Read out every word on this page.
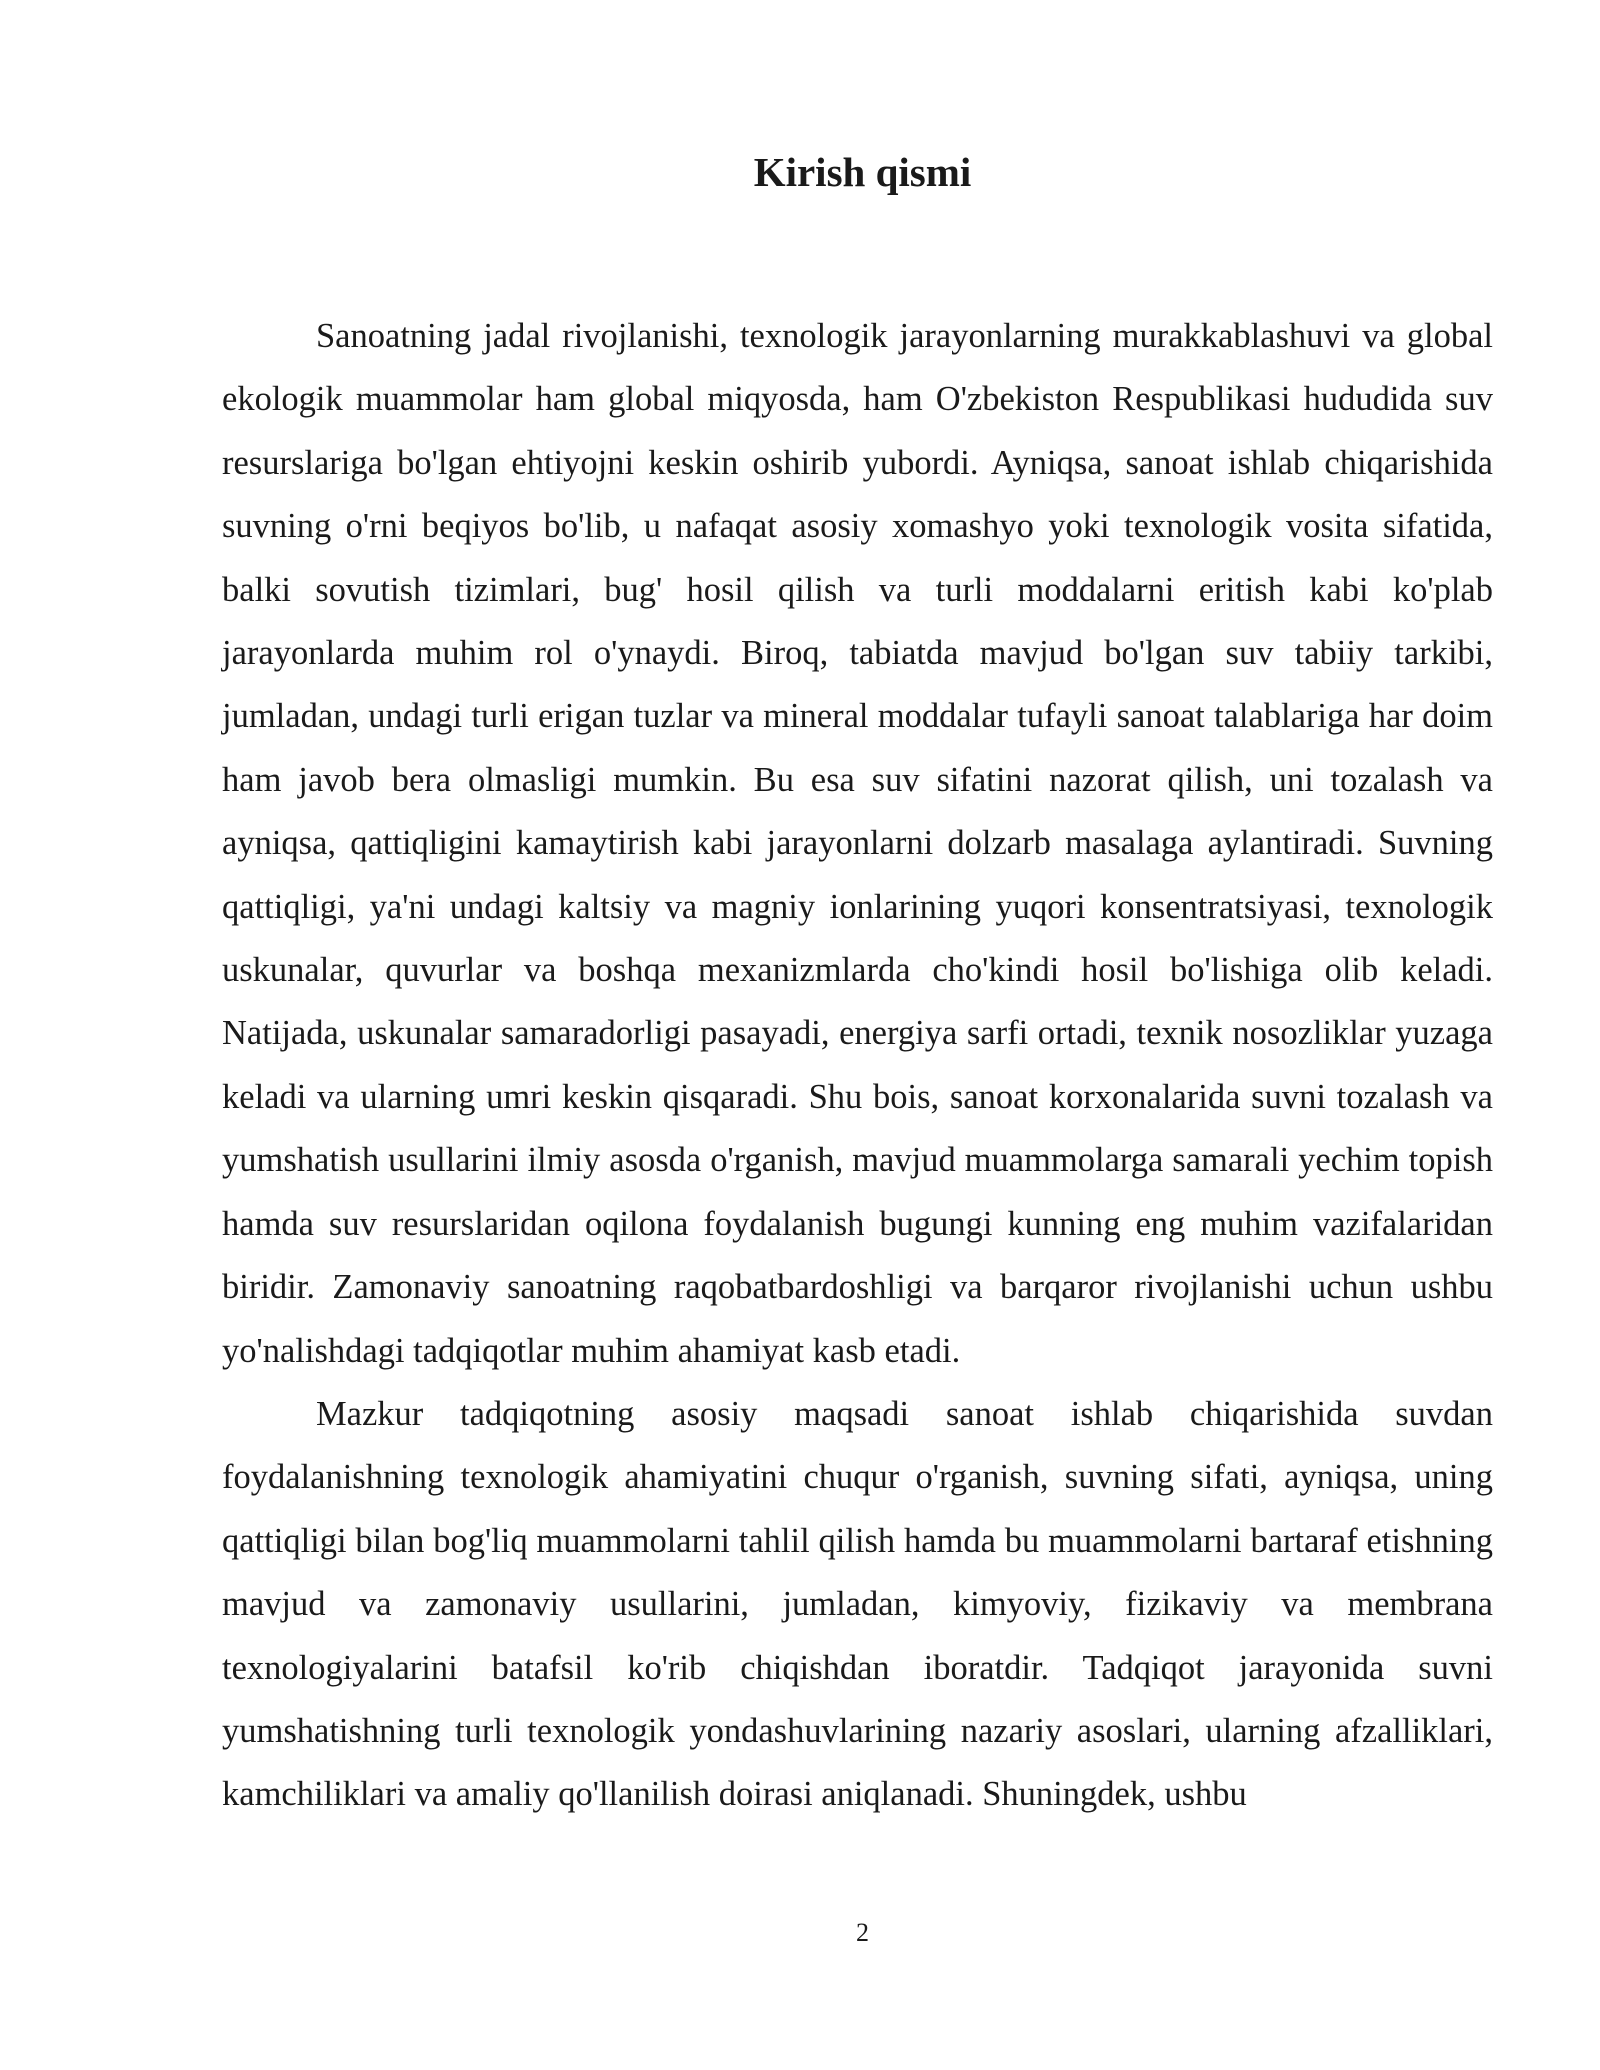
Kirish qismi

Sanoatning jadal rivojlanishi, texnologik jarayonlarning murakkablashuvi va global ekologik muammolar ham global miqyosda, ham O'zbekiston Respublikasi hududida suv resurslariga bo'lgan ehtiyojni keskin oshirib yubordi. Ayniqsa, sanoat ishlab chiqarishida suvning o'rni beqiyos bo'lib, u nafaqat asosiy xomashyo yoki texnologik vosita sifatida, balki sovutish tizimlari, bug' hosil qilish va turli moddalarni eritish kabi ko'plab jarayonlarda muhim rol o'ynaydi. Biroq, tabiatda mavjud bo'lgan suv tabiiy tarkibi, jumladan, undagi turli erigan tuzlar va mineral moddalar tufayli sanoat talablariga har doim ham javob bera olmasligi mumkin. Bu esa suv sifatini nazorat qilish, uni tozalash va ayniqsa, qattiqligini kamaytirish kabi jarayonlarni dolzarb masalaga aylantiradi. Suvning qattiqligi, ya'ni undagi kaltsiy va magniy ionlarining yuqori konsentratsiyasi, texnologik uskunalar, quvurlar va boshqa mexanizmlarda cho'kindi hosil bo'lishiga olib keladi. Natijada, uskunalar samaradorligi pasayadi, energiya sarfi ortadi, texnik nosozliklar yuzaga keladi va ularning umri keskin qisqaradi. Shu bois, sanoat korxonalarida suvni tozalash va yumshatish usullarini ilmiy asosda o'rganish, mavjud muammolarga samarali yechim topish hamda suv resurslaridan oqilona foydalanish bugungi kunning eng muhim vazifalaridan biridir. Zamonaviy sanoatning raqobatbardoshligi va barqaror rivojlanishi uchun ushbu yo'nalishdagi tadqiqotlar muhim ahamiyat kasb etadi.

Mazkur tadqiqotning asosiy maqsadi sanoat ishlab chiqarishida suvdan foydalanishning texnologik ahamiyatini chuqur o'rganish, suvning sifati, ayniqsa, uning qattiqligi bilan bog'liq muammolarni tahlil qilish hamda bu muammolarni bartaraf etishning mavjud va zamonaviy usullarini, jumladan, kimyoviy, fizikaviy va membrana texnologiyalarini batafsil ko'rib chiqishdan iboratdir. Tadqiqot jarayonida suvni yumshatishning turli texnologik yondashuvlarining nazariy asoslari, ularning afzalliklari, kamchiliklari va amaliy qo'llanilish doirasi aniqlanadi. Shuningdek, ushbu

2
